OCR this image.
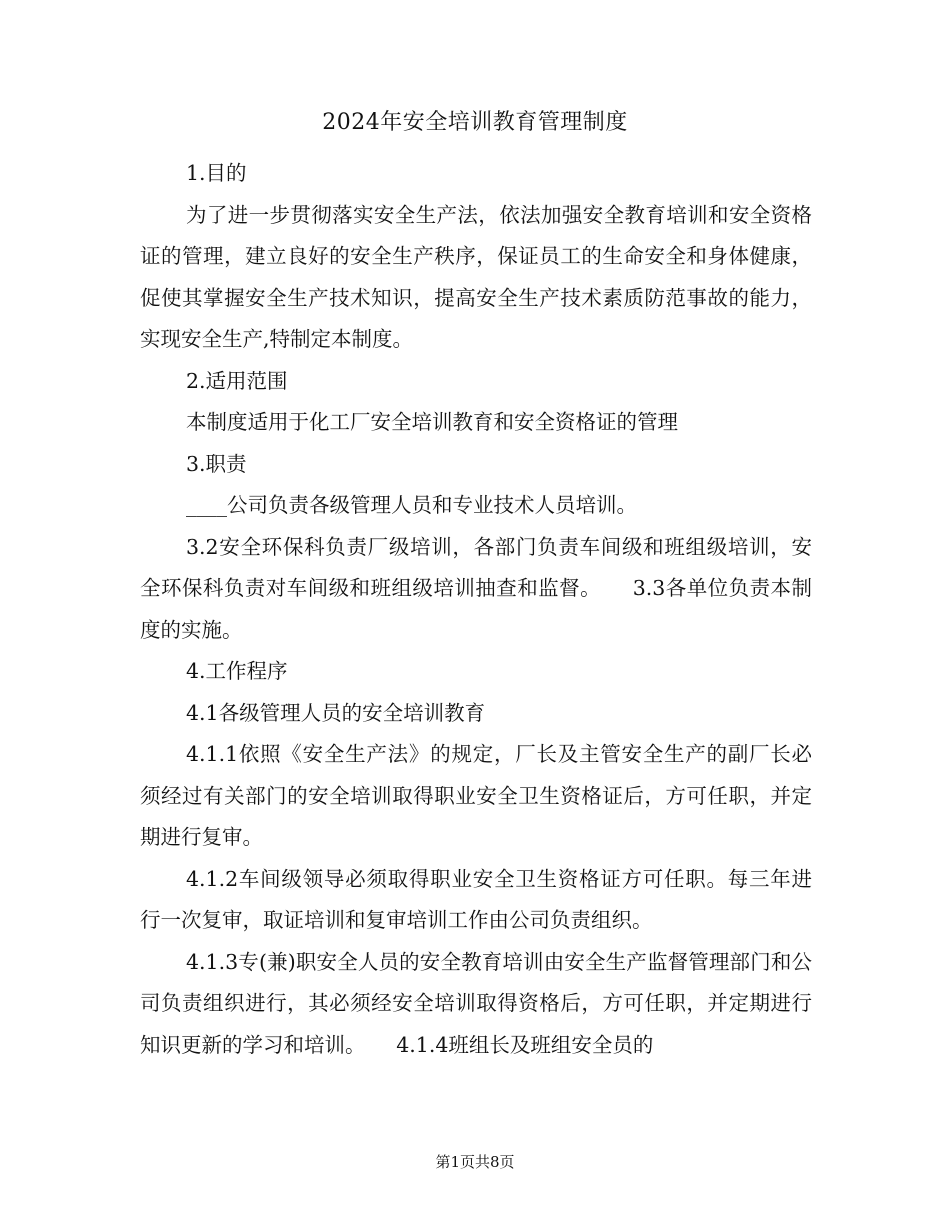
2024年安全培训教育管理制度

1.目的

为了进一步贯彻落实安全生产法，依法加强安全教育培训和安全资格证的管理，建立良好的安全生产秩序，保证员工的生命安全和身体健康，促使其掌握安全生产技术知识，提高安全生产技术素质防范事故的能力，实现安全生产,特制定本制度。

2.适用范围

本制度适用于化工厂安全培训教育和安全资格证的管理

3.职责

____公司负责各级管理人员和专业技术人员培训。

3.2安全环保科负责厂级培训，各部门负责车间级和班组级培训，安全环保科负责对车间级和班组级培训抽查和监督。　　3.3各单位负责本制度的实施。

4.工作程序

4.1各级管理人员的安全培训教育

4.1.1依照《安全生产法》的规定，厂长及主管安全生产的副厂长必须经过有关部门的安全培训取得职业安全卫生资格证后，方可任职，并定期进行复审。

4.1.2车间级领导必须取得职业安全卫生资格证方可任职。每三年进行一次复审，取证培训和复审培训工作由公司负责组织。

4.1.3专(兼)职安全人员的安全教育培训由安全生产监督管理部门和公司负责组织进行，其必须经安全培训取得资格后，方可任职，并定期进行知识更新的学习和培训。　　4.1.4班组长及班组安全员的

第1页共8页
